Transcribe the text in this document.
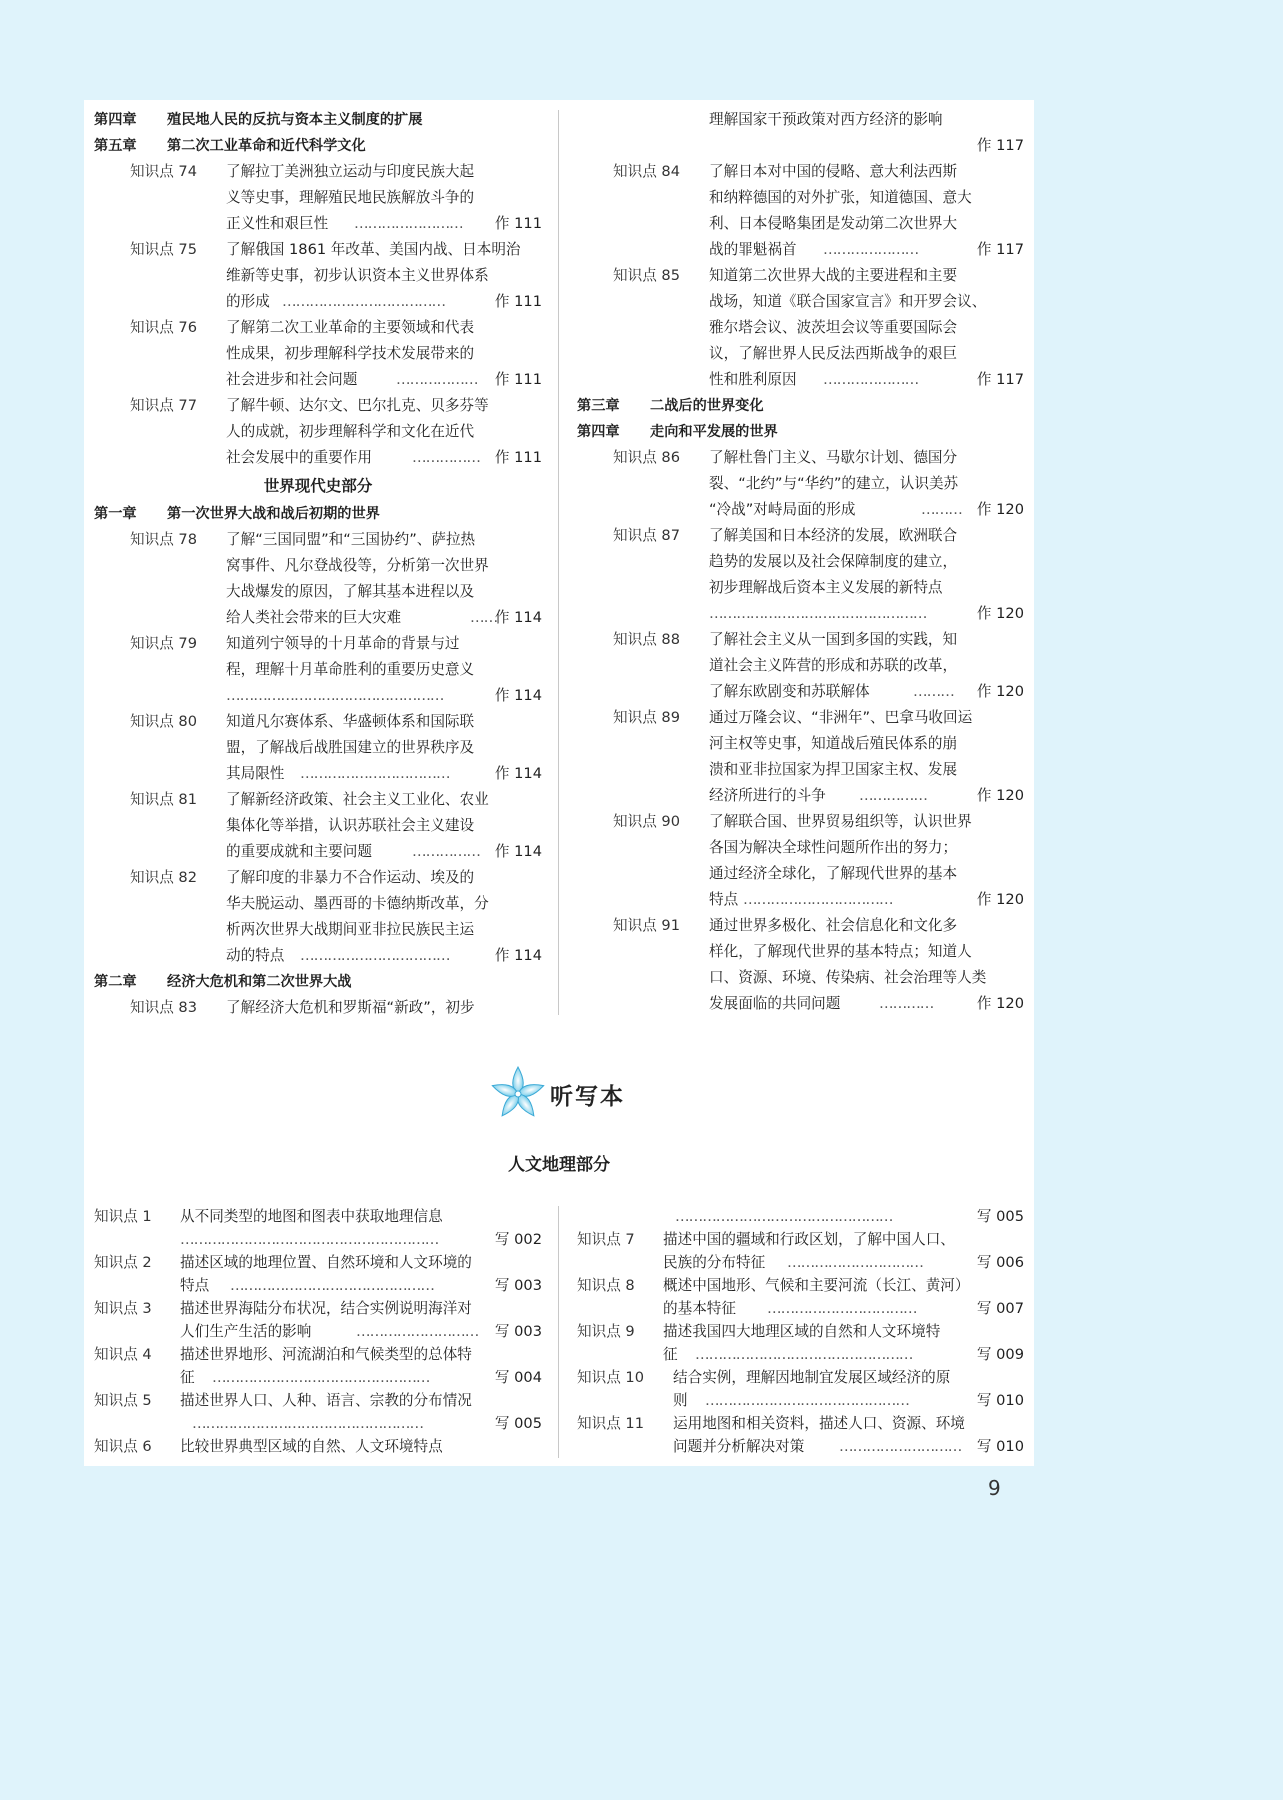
第四章 殖民地人民的反抗与资本主义制度的扩展
第五章 第二次工业革命和近代科学文化
知识点 74 了解拉丁美洲独立运动与印度民族大起
义等史事，理解殖民地民族解放斗争的
正义性和艰巨性 …………………… 作 111
知识点 75 了解俄国 1861 年改革、美国内战、日本明治
维新等史事，初步认识资本主义世界体系
的形成 ………………………………	作 111
知识点 76 了解第二次工业革命的主要领域和代表
性成果，初步理解科学技术发展带来的
社会进步和社会问题	……………… 作 111
知识点 77 了解牛顿、达尔文、巴尔扎克、贝多芬等
人的成就，初步理解科学和文化在近代
社会发展中的重要作用	…………… 作 111
世界现代史部分
第一章 第一次世界大战和战后初期的世界
知识点 78 了解“三国同盟”和“三国协约”、萨拉热
窝事件、凡尔登战役等，分析第一次世界
大战爆发的原因，了解其基本进程以及
给人类社会带来的巨大灾难	……
作 114
知识点 79 知道列宁领导的十月革命的背景与过
程，理解十月革命胜利的重要历史意义
…………………………………………	作 114
知识点 80 知道凡尔赛体系、华盛顿体系和国际联
盟，了解战后战胜国建立的世界秩序及
其局限性 ……………………………	作 114
知识点 81 了解新经济政策、社会主义工业化、农业
集体化等举措，认识苏联社会主义建设
的重要成就和主要问题	…………… 作 114
知识点 82 了解印度的非暴力不合作运动、埃及的
华夫脱运动、墨西哥的卡德纳斯改革，分
析两次世界大战期间亚非拉民族民主运
动的特点 ……………………………	作 114
第二章 经济大危机和第二次世界大战
知识点 83 了解经济大危机和罗斯福“新政”，初步
理解国家干预政策对西方经济的影响
作 117
知识点 84 了解日本对中国的侵略、意大利法西斯
和纳粹德国的对外扩张，知道德国、意大
利、日本侵略集团是发动第二次世界大
战的罪魁祸首 …………………	作 117
知识点 85 知道第二次世界大战的主要进程和主要
战场，知道《联合国家宣言》和开罗会议、
雅尔塔会议、波茨坦会议等重要国际会
议，了解世界人民反法西斯战争的艰巨
性和胜利原因 …………………	作 117
第三章 二战后的世界变化
第四章 走向和平发展的世界
知识点 86 了解杜鲁门主义、马歇尔计划、德国分
裂、“北约”与“华约”的建立，认识美苏
“冷战”对峙局面的形成	……… 作 120
知识点 87 了解美国和日本经济的发展，欧洲联合
趋势的发展以及社会保障制度的建立，
初步理解战后资本主义发展的新特点
…………………………………………	作 120
知识点 88 了解社会主义从一国到多国的实践，知
道社会主义阵营的形成和苏联的改革，
了解东欧剧变和苏联解体	……… 作 120
知识点 89 通过万隆会议、“非洲年”、巴拿马收回运
河主权等史事，知道战后殖民体系的崩
溃和亚非拉国家为捍卫国家主权、发展
经济所进行的斗争 ……………	作 120
知识点 90 了解联合国、世界贸易组织等，认识世界
各国为解决全球性问题所作出的努力；
通过经济全球化，了解现代世界的基本
特点 ……………………………	作 120
知识点 91 通过世界多极化、社会信息化和文化多
样化，了解现代世界的基本特点；知道人
口、资源、环境、传染病、社会治理等人类
发展面临的共同问题	…………	作 120
听写本
人文地理部分
知识点 1 从不同类型的地图和图表中获取地理信息
…………………………………………………	写 002
知识点 2 描述区域的地理位置、自然环境和人文环境的
特点 ………………………………………	写 003
知识点 3 描述世界海陆分布状况，结合实例说明海洋对
人们生产生活的影响	……………………… 写 003
知识点 4 描述世界地形、河流湖泊和气候类型的总体特
征 …………………………………………	写 004
知识点 5 描述世界人口、人种、语言、宗教的分布情况
……………………………………………	写 005
知识点 6 比较世界典型区域的自然、人文环境特点
…………………………………………	写 005
知识点 7 描述中国的疆域和行政区划，了解中国人口、
民族的分布特征 …………………………	写 006
知识点 8 概述中国地形、气候和主要河流（长江、黄河）
的基本特征 ……………………………	写 007
知识点 9 描述我国四大地理区域的自然和人文环境特
征 …………………………………………	写 009
知识点 10 结合实例，理解因地制宜发展区域经济的原
则 ………………………………………	写 010
知识点 11 运用地图和相关资料，描述人口、资源、环境
问题并分析解决对策 ……………………… 写 010
9
